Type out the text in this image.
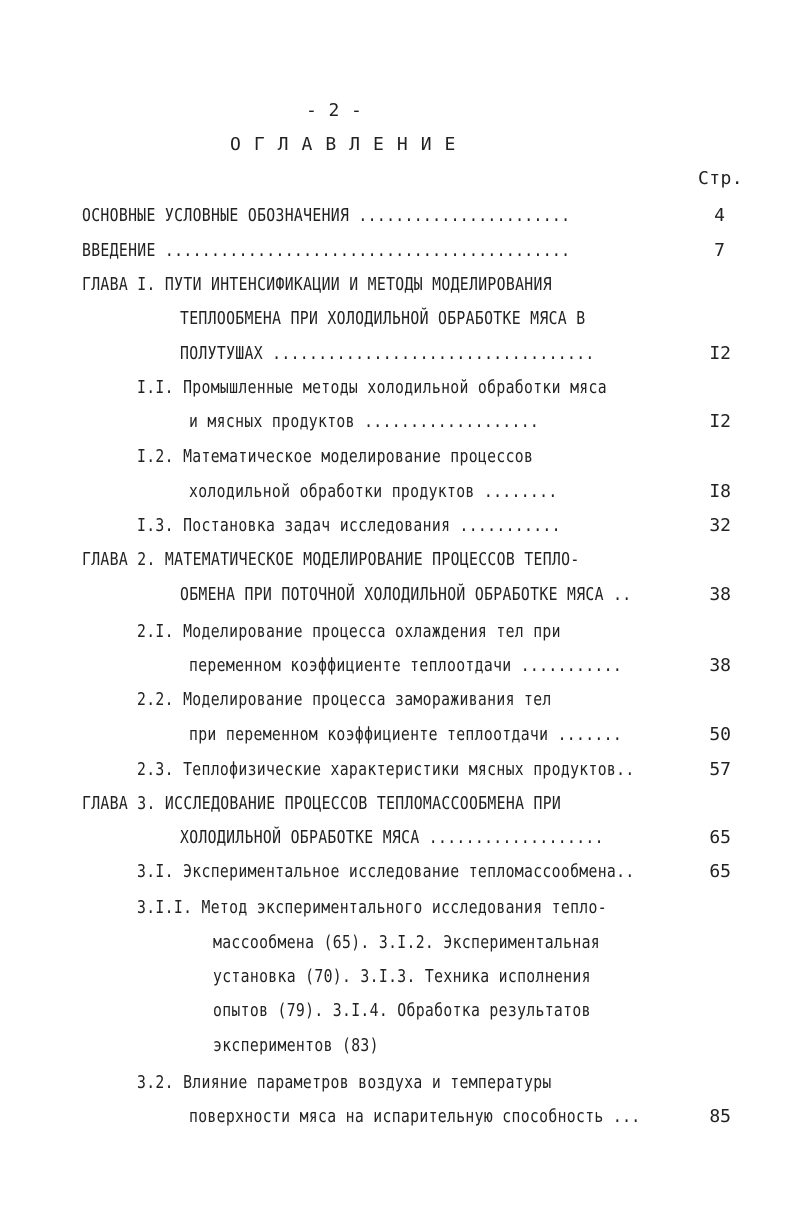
- 2 -
ОГЛАВЛЕНИЕ
Стр.
ОСНОВНЫЕ УСЛОВНЫЕ ОБОЗНАЧЕНИЯ .......................	4
ВВЕДЕНИЕ ............................................	7
ГЛАВА I. ПУТИ ИНТЕНСИФИКАЦИИ И МЕТОДЫ МОДЕЛИРОВАНИЯ
ТЕПЛООБМЕНА ПРИ ХОЛОДИЛЬНОЙ ОБРАБОТКЕ МЯСА В
ПОЛУТУШАХ ...................................	I2
I.I. Промышленные методы холодильной обработки мяса
и мясных продуктов ...................	I2
I.2. Математическое моделирование процессов
холодильной обработки продуктов ........	I8
I.3. Постановка задач исследования ...........	32
ГЛАВА 2. МАТЕМАТИЧЕСКОЕ МОДЕЛИРОВАНИЕ ПРОЦЕССОВ ТЕПЛО-
ОБМЕНА ПРИ ПОТОЧНОЙ ХОЛОДИЛЬНОЙ ОБРАБОТКЕ МЯСА ..	38
2.I. Моделирование процесса охлаждения тел при
переменном коэффициенте теплоотдачи ...........	38
2.2. Моделирование процесса замораживания тел
при переменном коэффициенте теплоотдачи .......	50
2.3. Теплофизические характеристики мясных продуктов..	57
ГЛАВА 3. ИССЛЕДОВАНИЕ ПРОЦЕССОВ ТЕПЛОМАССООБМЕНА ПРИ
ХОЛОДИЛЬНОЙ ОБРАБОТКЕ МЯСА ...................	65
3.I. Экспериментальное исследование тепломассообмена..	65
3.I.I. Метод экспериментального исследования тепло-
массообмена (65). 3.I.2. Экспериментальная
установка (70). 3.I.3. Техника исполнения
опытов (79). 3.I.4. Обработка результатов
экспериментов (83)
3.2. Влияние параметров воздуха и температуры
поверхности мяса на испарительную способность ...	85
